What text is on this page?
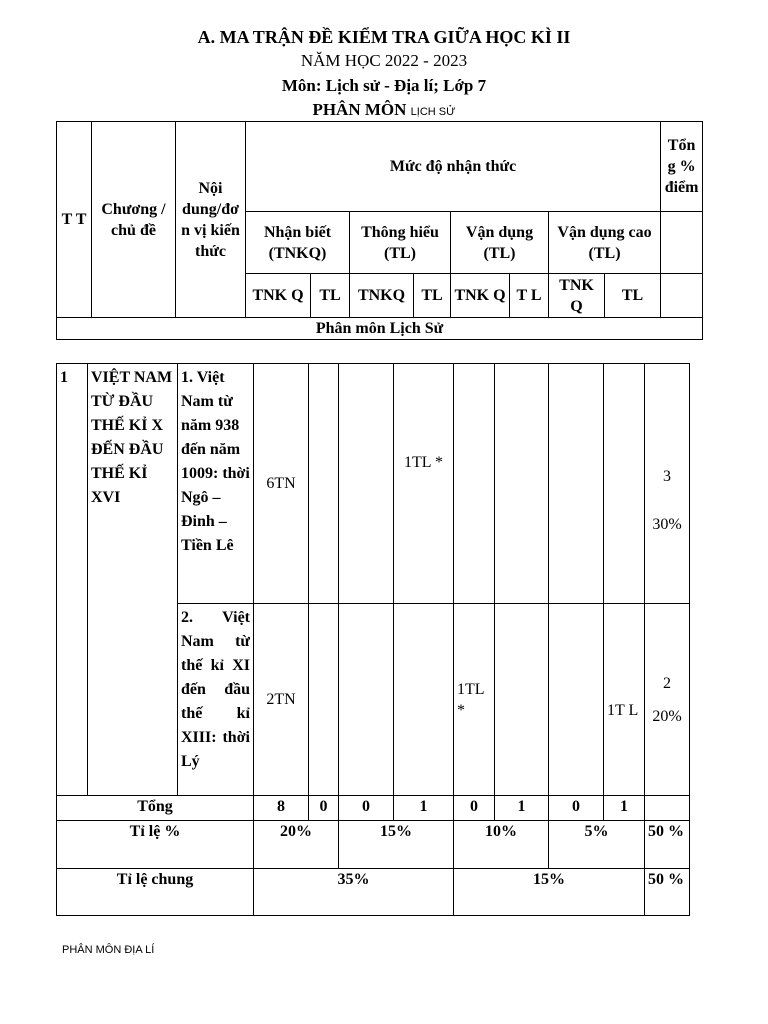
A. MA TRẬN ĐỀ KIỂM TRA GIỮA HỌC KÌ II
NĂM HỌC 2022 - 2023
Môn: Lịch sử - Địa lí; Lớp 7
PHÂN MÔN LỊCH SỬ
T T	Chương / chủ đề	Nội dung/đơ n vị kiến thức	Mức độ nhận thức								Tổn g % điểm
			Nhận biết (TNKQ)		Thông hiểu (TL)		Vận dụng (TL)		Vận dụng cao (TL)		
			TNK Q	TL	TNKQ	TL	TNK Q	T L	TNK Q	TL	
Phân môn Lịch Sử											
1	VIỆT NAM TỪ ĐẦU THẾ KỈ X ĐẾN ĐẦU THẾ KỈ XVI	1. Việt Nam từ năm 938 đến năm 1009: thời Ngô – Đinh – Tiền Lê	6TN			1TL *					3
30%

		2. Việt Nam từ thế kỉ XI đến đầu thế kỉ XIII: thời Lý	2TN				1TL *			1T L	2
20%

Tổng			8	0	0	1	0	1	0	1	
Tỉ lệ %			20%		15%		10%		5%		50 %
Tỉ lệ chung			35%				15%				50 %
PHÂN MÔN ĐỊA LÍ
